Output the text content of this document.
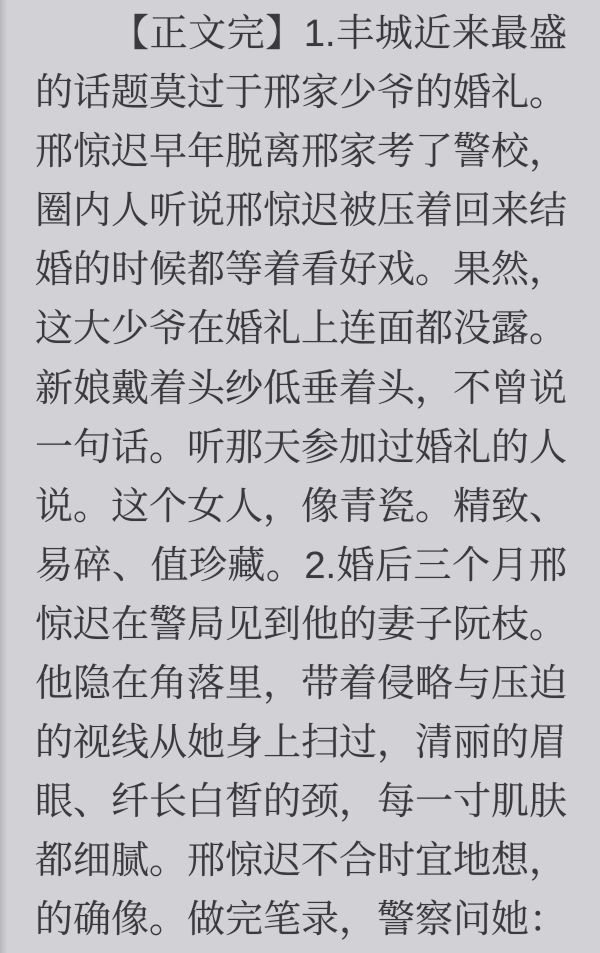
【正文完】1.丰城近来最盛
的话题莫过于邢家少爷的婚礼。
邢惊迟早年脱离邢家考了警校，
圈内人听说邢惊迟被压着回来结
婚的时候都等着看好戏。果然，
这大少爷在婚礼上连面都没露。
新娘戴着头纱低垂着头，不曾说
一句话。听那天参加过婚礼的人
说。这个女人，像青瓷。精致、
易碎、值珍藏。2.婚后三个月邢
惊迟在警局见到他的妻子阮枝。
他隐在角落里，带着侵略与压迫
的视线从她身上扫过，清丽的眉
眼、纤长白皙的颈，每一寸肌肤
都细腻。邢惊迟不合时宜地想，
的确像。做完笔录，警察问她：
